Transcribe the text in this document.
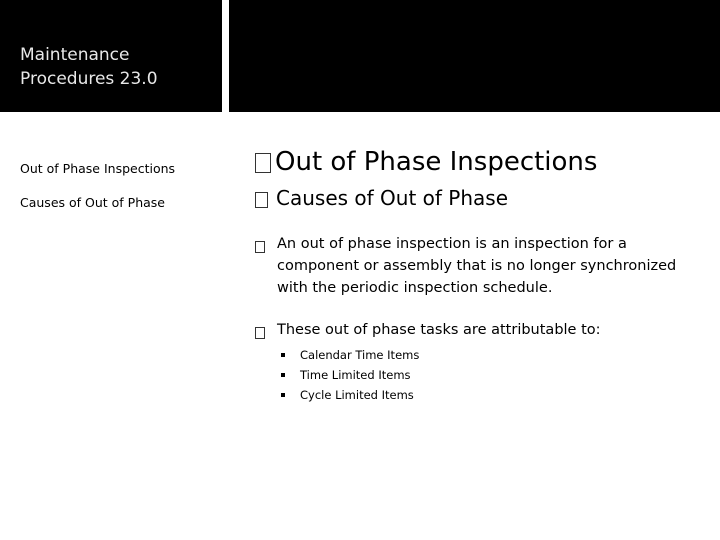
Maintenance Procedures 23.0
Out of Phase Inspections
Causes of Out of Phase
Out of Phase Inspections
Causes of Out of Phase
An out of phase inspection is an inspection for a component or assembly that is no longer synchronized with the periodic inspection schedule.
These out of phase tasks are attributable to:
Calendar Time Items
Time Limited Items
Cycle Limited Items
